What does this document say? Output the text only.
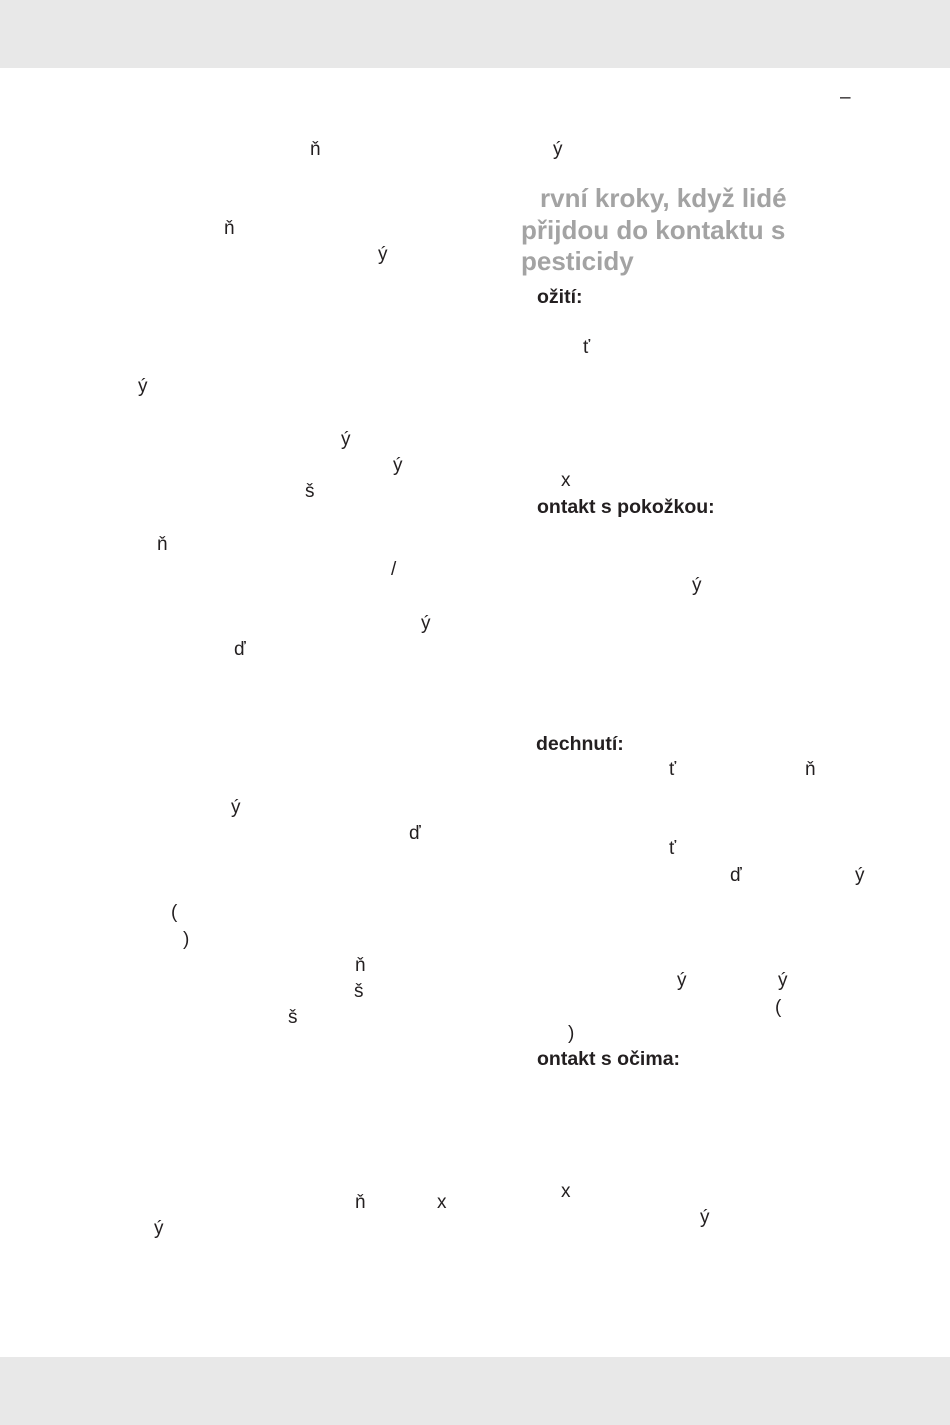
–
ň
ň
ý
ý
ý
ý
š
ň
/
ý
ď
ý
ď
(
)
ň
š
š
ň	x
ý
ý
rvní kroky, když lidé
přijdou do kontaktu s
pesticidy
ožití:
ť
x
ontakt s pokožkou:
ý
dechnutí:
ť	ň
ť
ď	ý
ý	ý
(
)
ontakt s očima:
x
ý
